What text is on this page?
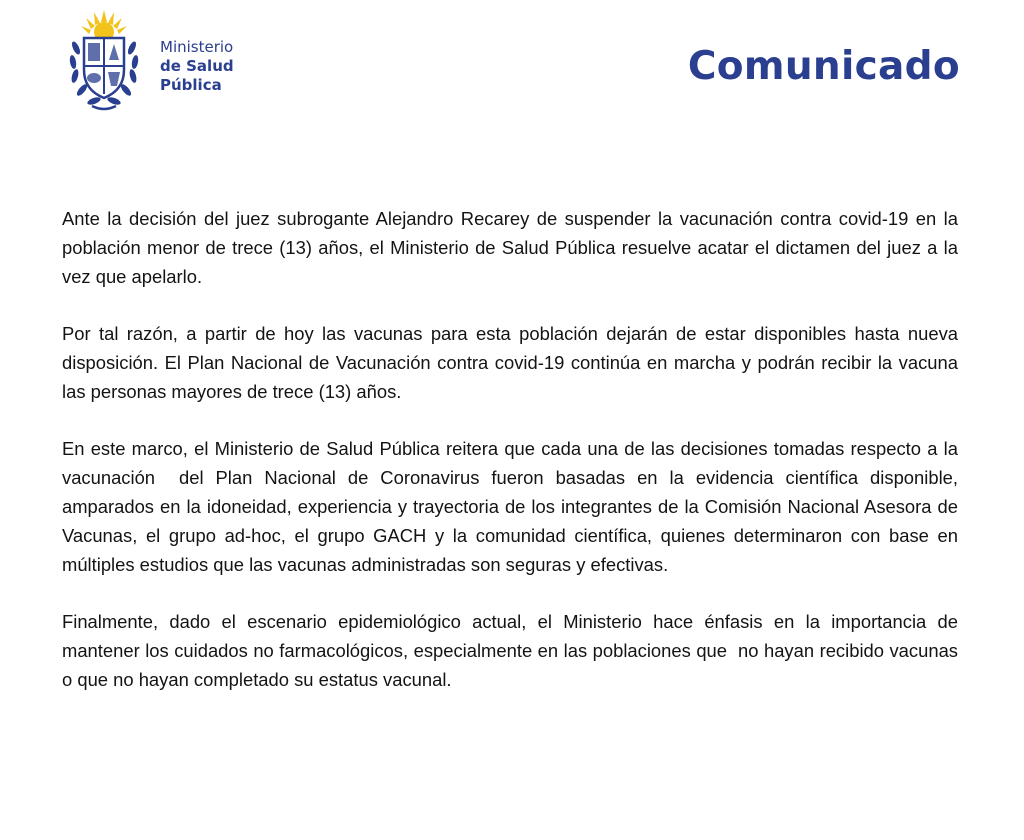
Ministerio
de Salud
Pública	Comunicado

Ante la decisión del juez subrogante Alejandro Recarey de suspender la vacunación contra covid-19 en la población menor de trece (13) años, el Ministerio de Salud Pública resuelve acatar el dictamen del juez a la vez que apelarlo.

Por tal razón, a partir de hoy las vacunas para esta población dejarán de estar disponibles hasta nueva disposición. El Plan Nacional de Vacunación contra covid-19 continúa en marcha y podrán recibir la vacuna las personas mayores de trece (13) años.

En este marco, el Ministerio de Salud Pública reitera que cada una de las decisiones tomadas respecto a la vacunación  del Plan Nacional de Coronavirus fueron basadas en la evidencia científica disponible, amparados en la idoneidad, experiencia y trayectoria de los integrantes de la Comisión Nacional Asesora de Vacunas, el grupo ad-hoc, el grupo GACH y la comunidad científica, quienes determinaron con base en múltiples estudios que las vacunas administradas son seguras y efectivas.

Finalmente, dado el escenario epidemiológico actual, el Ministerio hace énfasis en la importancia de mantener los cuidados no farmacológicos, especialmente en las poblaciones que  no hayan recibido vacunas o que no hayan completado su estatus vacunal.
